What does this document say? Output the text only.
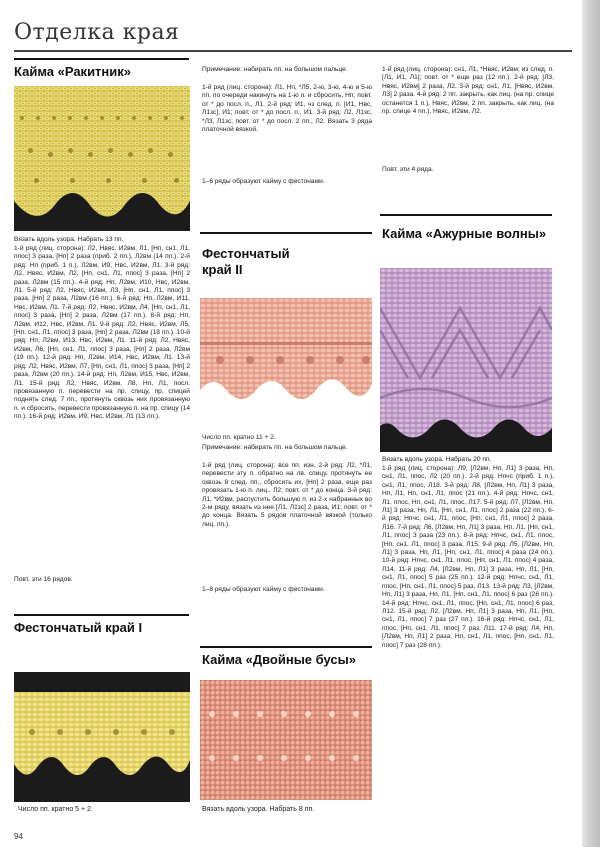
Отделка края
Кайма «Ракитник»
Вязать вдоль узора. Набрать 13 пп.
1-й ряд (лиц. сторона): Л2, Нвяс, И2вм, Л1, [Нп, сн1, Л1, ппос] 3 раза, [Нп] 2 раза (приб. 2 пп.), Л2вм (14 пп.). 2-й ряд: Нп (приб. 1 п.), Л2вм, И9, Нвс, И2вм, Л1. 3-й ряд: Л2, Нвяс, И2вм, Л2, [Нп, сн1, Л1, ппос] 3 раза, [Нп] 2 раза, Л2вм (15 пп.). 4-й ряд: Нп, Л2вм, И10, Нвс, И2вм, Л1. 5-й ряд: Л2, Нвяс, И2вм, Л3, [Нп, сн1, Л1, ппос] 3 раза, [Нп] 2 раза, Л2вм (16 пп.). 6-й ряд: Нп, Л2вм, И11, Нвс, И2вм, Л1. 7-й ряд: Л2, Нвяс, И2вм, Л4, [Нп, сн1, Л1, ппос] 3 раза, [Нп] 2 раза, Л2вм (17 пп.). 8-й ряд: Нп, Л2вм, И12, Нвс, И2вм, Л1. 9-й ряд: Л2, Нвяс, И2вм, Л5, [Нп, сн1, Л1, ппос] 3 раза, [Нп] 2 раза, Л2вм (18 пп.). 10-й ряд: Нп, Л2вм, И13, Нвс, И2вм, Л1. 11-й ряд: Л2, Нвяс, И2вм, Л6, [Нп, сн1, Л1, ппос] 3 раза, [Нп] 2 раза, Л2вм (19 пп.). 12-й ряд: Нп, Л2вм, И14, Нвс, И2вм, Л1. 13-й ряд: Л2, Нвяс, И2вм, Л7, [Нп, сн1, Л1, ппос] 3 раза, [Нп] 2 раза, Л2вм (20 пп.). 14-й ряд: Нп, Л2вм, И15, Нвс, И2вм, Л1. 15-й ряд: Л2, Нвяс, И2вм, Л8, Нп, Л1, посл. провязанную п. перевести на пр. спицу, пр. спицей поднять след. 7 пп., протянуть сквозь них провязанную п. и сбросить, перевести провязанную п. на пр. спицу (14 пп.). 16-й ряд: И2вм, И9, Нвс, И2вм, Л1 (13 пп.).
Повт. эти 16 рядов.
Фестончатый край I
Число пп. кратно 5 + 2.
94
Примечание: набирать пп. на большом пальце.
1-й ряд (лиц. сторона): Л1, Нп, *Л5, 2-ю, 3-ю, 4-ю и 5-ю пп. по очереди накинуть на 1-ю п. и сбросить, Нп; повт. от * до посл. п., Л1. 2-й ряд: И1, чз след. п. [И1, Нвс, Л1зс], И1; повт. от * до посл. п., И1. 3-й ряд: Л2, Л1зс, *Л3, Л1зс; повт. от * до посл. 2 пп., Л2. Вязать 3 ряда платочной вязкой.
1–6 ряды образуют кайму с фестонами.
Фестончатый край II
Число пп. кратно 11 + 2.
Примечание: набирать пп. на большом пальце.
1-й ряд (лиц. сторона): все пп. изн. 2-й ряд: Л2, *Л1, перевести эту п. обратно на лв. спицу, протянуть ее сквозь 8 след. пп., сбросить их, [Нп] 2 раза, еще раз провязать 1-ю п. лиц., Л2; повт. от * до конца. 3-й ряд: Л1, *И2вм, распустить большую п. из 2-х набранных во 2-м ряду, вязать из нее [Л1, Л1зс] 2 раза, И1; повт. от * до конца. Вязать 5 рядов платочной вязкой (только лиц. пп.).
1–8 ряды образуют кайму с фестонами.
Кайма «Двойные бусы»
Вязать вдоль узора. Набрать 8 пп.
1-й ряд (лиц. сторона): сн1, Л1, *Нвяс, И2вм; из след. п. [Л1, И1, Л1]; повт. от * еще раз (12 пп.). 2-й ряд: [Л3, Нвяс, И2вм] 2 раза, Л2. 3-й ряд: сн1, Л1, [Нвяс, И2вм, Л3] 2 раза. 4-й ряд: 2 пп. закрыть, как лиц. (на пр. спице останется 1 п.), Нвяс, И2вм, 2 пп. закрыть, как лиц. (на пр. спице 4 пп.), Нвяс, И2вм, Л2.
Повт. эти 4 ряда.
Кайма «Ажурные волны»
Вязать вдоль узора. Набрать 20 пп.
1-й ряд (лиц. сторона): Л9, [Л2вм, Нп, Л1] 3 раза, Нп, сн1, Л1, ппос, Л2 (20 пп.). 2-й ряд: Нпчс (приб. 1 п.), сн1, Л1, ппос, Л18. 3-й ряд: Л8, [Л2вм, Нп, Л1] 3 раза, Нп, Л1, Нп, сн1, Л1, ппос (21 пп.). 4-й ряд: Нпчс, сн1, Л1, ппос, Нп, сн1, Л1, ппос, Л17. 5-й ряд: Л7, [Л2вм, Нп, Л1] 3 раза, Нп, Л1, [Нп, сн1, Л1, ппос] 2 раза (22 пп.). 6-й ряд: Нпчс, сн1, Л1, ппос, [Нп, сн1, Л1, ппос] 2 раза, Л16. 7-й ряд: Л6, [Л2вм, Нп, Л1] 3 раза, Нп, Л1, [Нп, сн1, Л1, ппос] 3 раза (23 пп.). 8-й ряд: Нпчс, сн1, Л1, ппос, [Нп, сн1, Л1, ппос] 3 раза, Л15. 9-й ряд: Л5, [Л2вм, Нп, Л1] 3 раза, Нп, Л1, [Нп, сн1, Л1, ппос] 4 раза (24 пп.). 10-й ряд: Нпчс, сн1, Л1, ппос, [Нп, сн1, Л1, ппос] 4 раза, Л14. 11-й ряд: Л4, [Л2вм, Нп, Л1] 3 раза, Нп, Л1, [Нп, сн1, Л1, ппос] 5 раз (25 пп.). 12-й ряд: Нпчс, сн1, Л1, ппос, [Нп, сн1, Л1, ппос] 5 раз, Л13. 13-й ряд: Л3, [Л2вм, Нп, Л1] 3 раза, Нп, Л1, [Нп, сн1, Л1, ппос] 6 раз (26 пп.). 14-й ряд: Нпчс, сн1, Л1, ппос, [Нп, сн1, Л1, ппос] 6 раз, Л12. 15-й ряд: Л2, [Л2вм, Нп, Л1] 3 раза, Нп, Л1, [Нп, сн1, Л1, ппос] 7 раз (27 пп.). 16-й ряд: Нпчс, сн1, Л1, ппос, [Нп, сн1, Л1, ппос] 7 раз, Л11. 17-й ряд: Л4, Нп, [Л2вм, Нп, Л1] 2 раза, Нп, сн1, Л1, ппос, [Нп, сн1, Л1, ппос] 7 раз (28 пп.).
